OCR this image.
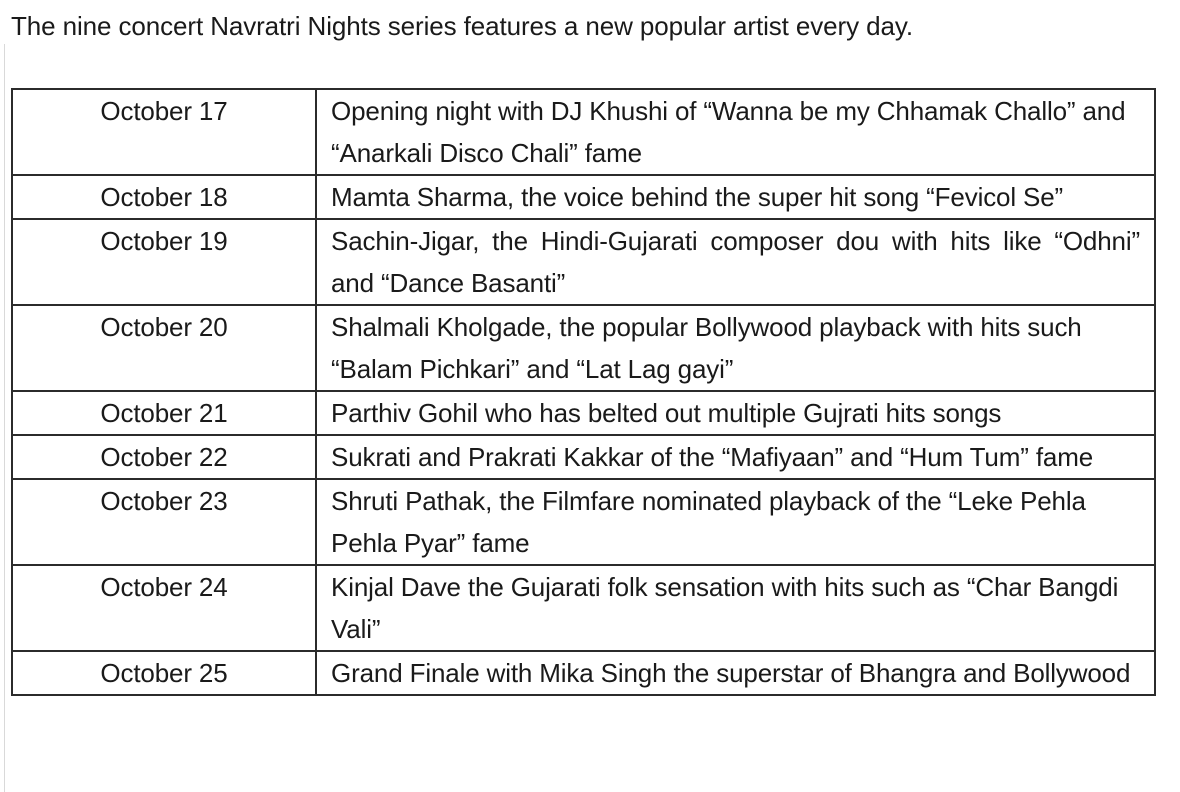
The nine concert Navratri Nights series features a new popular artist every day.

October 17	Opening night with DJ Khushi of “Wanna be my Chhamak Challo” and “Anarkali Disco Chali” fame
October 18	Mamta Sharma, the voice behind the super hit song “Fevicol Se”
October 19	Sachin-Jigar, the Hindi-Gujarati composer dou with hits like “Odhni” and “Dance Basanti”
October 20	Shalmali Kholgade, the popular Bollywood playback with hits such “Balam Pichkari” and “Lat Lag gayi”
October 21	Parthiv Gohil who has belted out multiple Gujrati hits songs
October 22	Sukrati and Prakrati Kakkar of the “Mafiyaan” and “Hum Tum” fame
October 23	Shruti Pathak, the Filmfare nominated playback of the “Leke Pehla Pehla Pyar” fame
October 24	Kinjal Dave the Gujarati folk sensation with hits such as “Char Bangdi Vali”
October 25	Grand Finale with Mika Singh the superstar of Bhangra and Bollywood
